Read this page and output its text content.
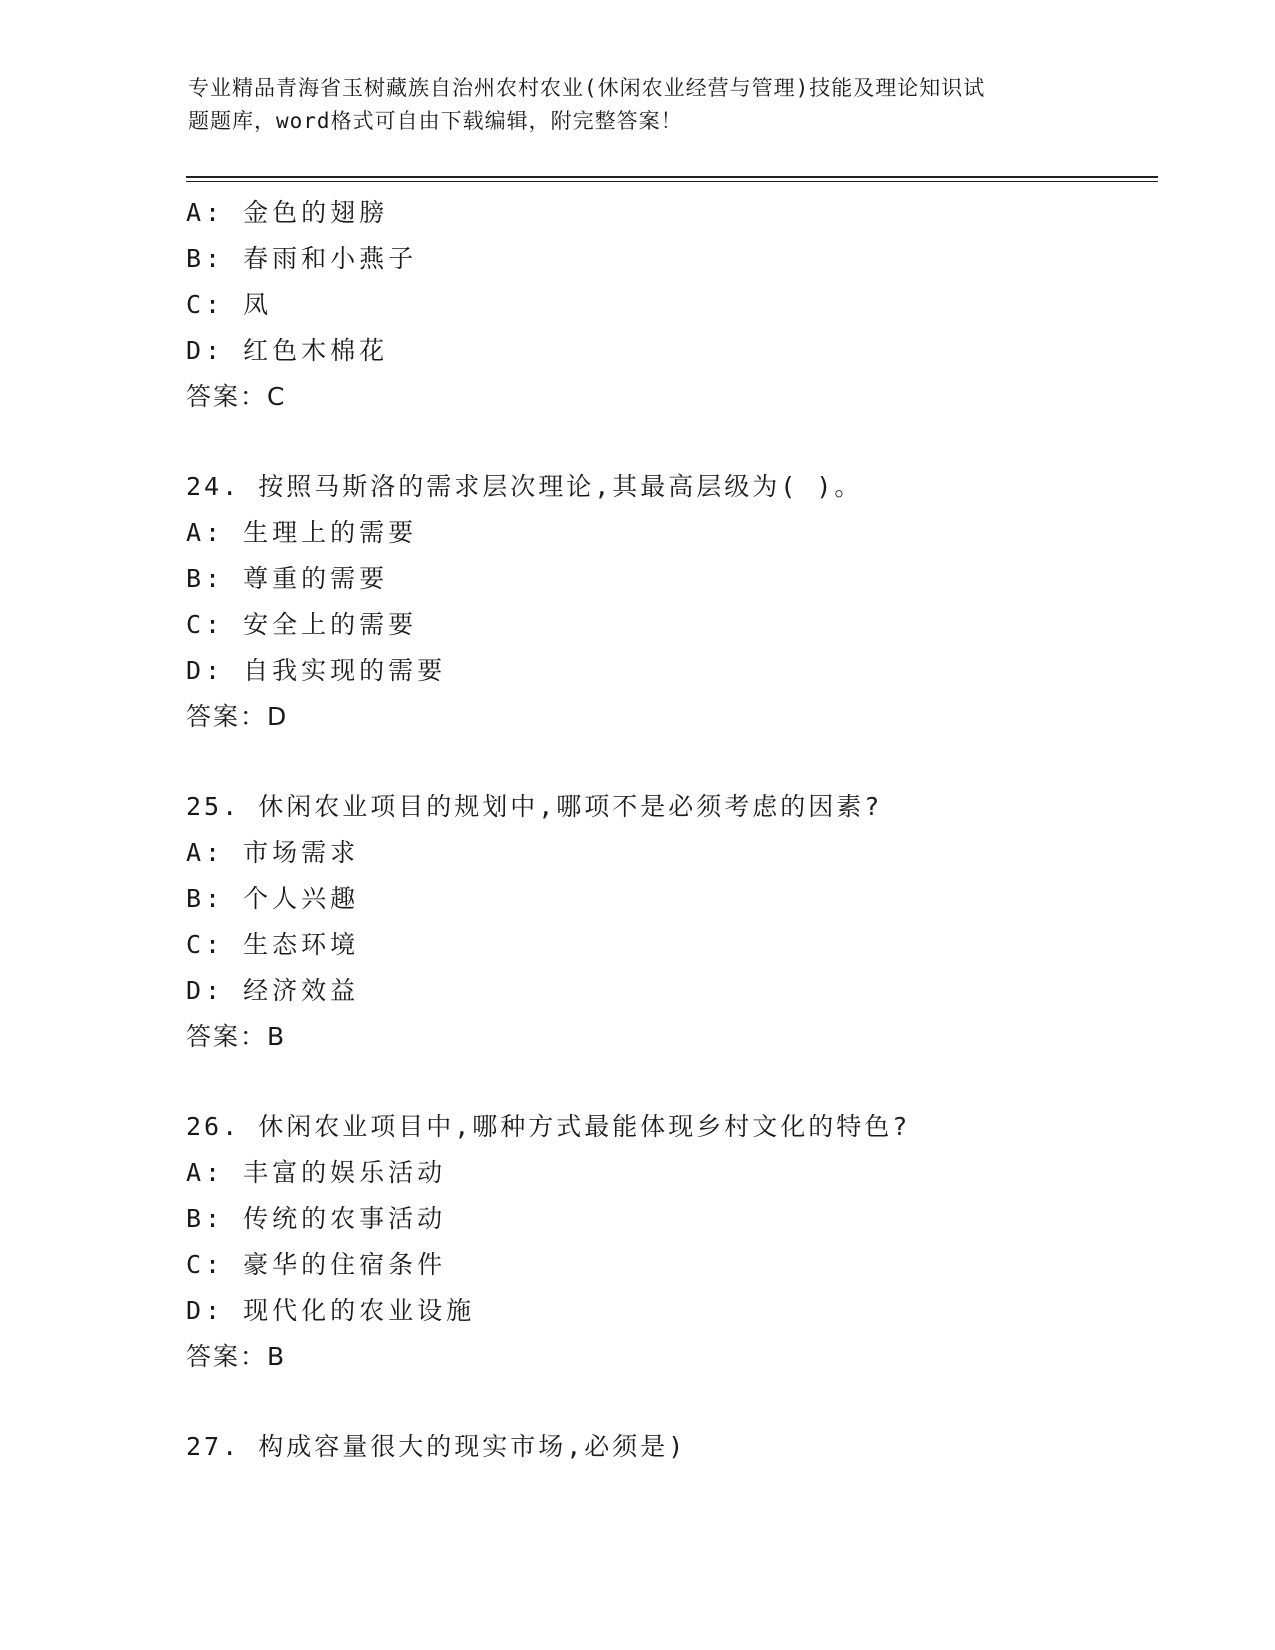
专业精品青海省玉树藏族自治州农村农业(休闲农业经营与管理)技能及理论知识试
题题库，word格式可自由下载编辑，附完整答案！
A: 金色的翅膀
B: 春雨和小燕子
C: 凤
D: 红色木棉花
答案：C
24. 按照马斯洛的需求层次理论,其最高层级为( )。
A: 生理上的需要
B: 尊重的需要
C: 安全上的需要
D: 自我实现的需要
答案：D
25. 休闲农业项目的规划中,哪项不是必须考虑的因素?
A: 市场需求
B: 个人兴趣
C: 生态环境
D: 经济效益
答案：B
26. 休闲农业项目中,哪种方式最能体现乡村文化的特色?
A: 丰富的娱乐活动
B: 传统的农事活动
C: 豪华的住宿条件
D: 现代化的农业设施
答案：B
27. 构成容量很大的现实市场,必须是)
